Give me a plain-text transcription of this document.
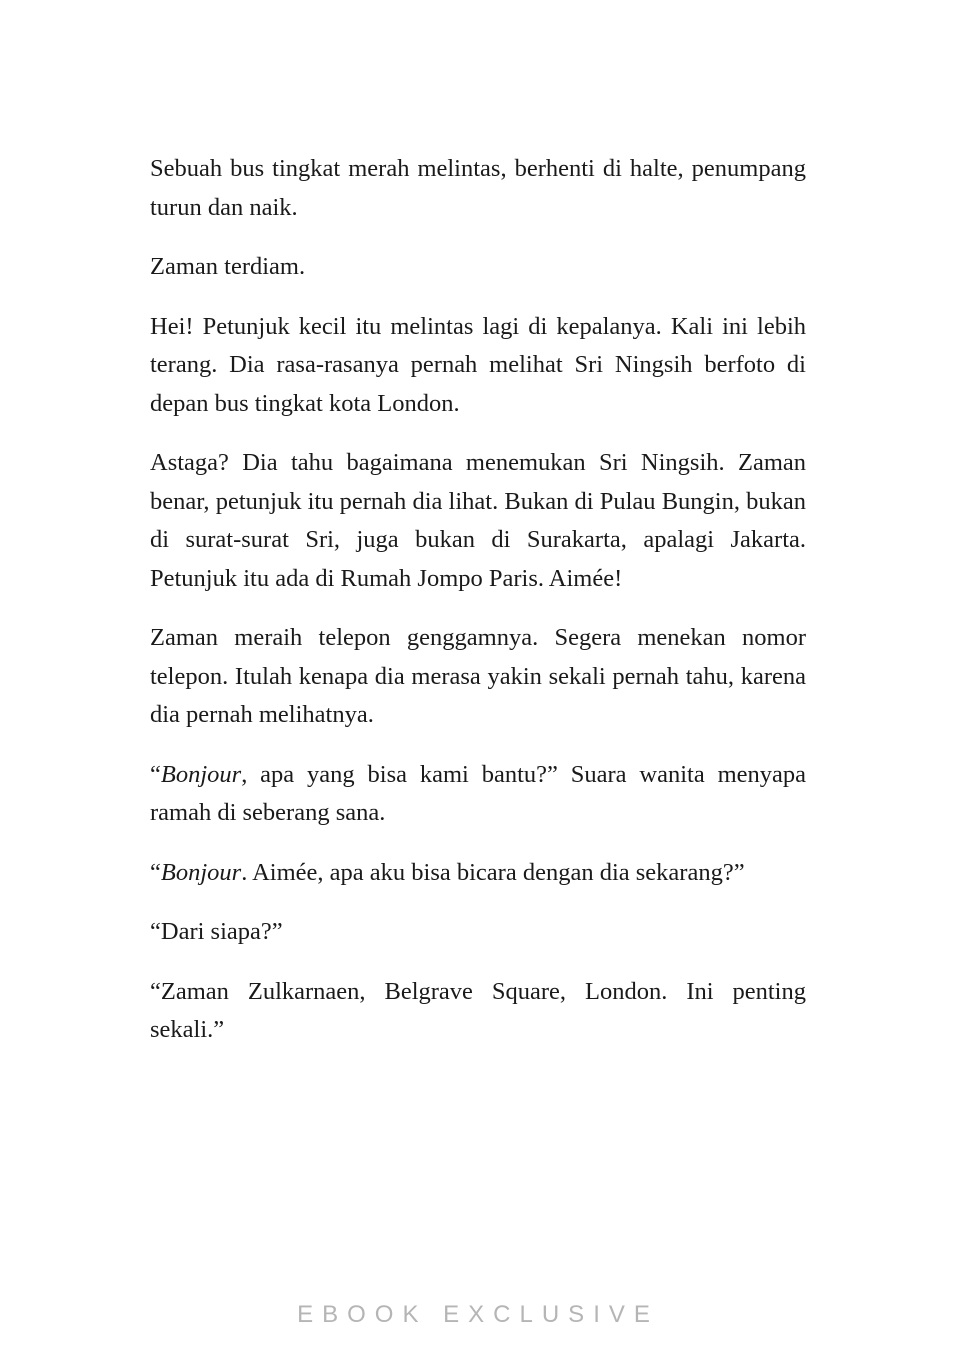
Sebuah bus tingkat merah melintas, berhenti di halte, penumpang turun dan naik.

Zaman terdiam.

Hei! Petunjuk kecil itu melintas lagi di kepalanya. Kali ini lebih terang. Dia rasa-rasanya pernah melihat Sri Ningsih berfoto di depan bus tingkat kota London.

Astaga? Dia tahu bagaimana menemukan Sri Ningsih. Zaman benar, petunjuk itu pernah dia lihat. Bukan di Pulau Bungin, bukan di surat-surat Sri, juga bukan di Surakarta, apalagi Jakarta. Petunjuk itu ada di Rumah Jompo Paris. Aimée!

Zaman meraih telepon genggamnya. Segera menekan nomor telepon. Itulah kenapa dia merasa yakin sekali pernah tahu, karena dia pernah melihatnya.

“Bonjour, apa yang bisa kami bantu?” Suara wanita menyapa ramah di seberang sana.

“Bonjour. Aimée, apa aku bisa bicara dengan dia sekarang?”

“Dari siapa?”

“Zaman Zulkarnaen, Belgrave Square, London. Ini penting sekali.”

EBOOK EXCLUSIVE
